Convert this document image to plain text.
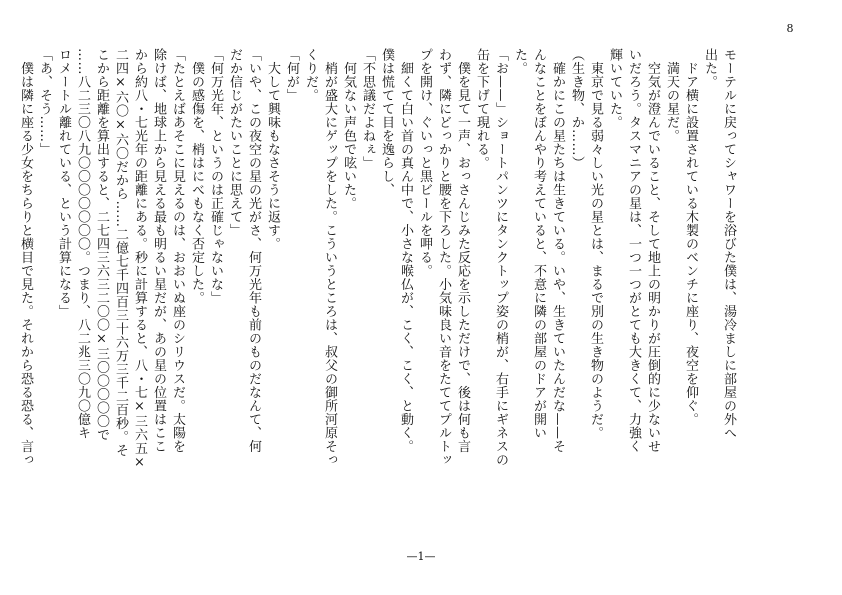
8
モーテルに戻ってシャワーを浴びた僕は、湯冷ましに部屋の外へ
出た。
　ドア横に設置されている木製のベンチに座り、夜空を仰ぐ。
　満天の星だ。
　空気が澄んでいること、そして地上の明かりが圧倒的に少ないせ
いだろう。タスマニアの星は、一つ一つがとても大きくて、力強く
輝いていた。
　東京で見る弱々しい光の星とは、まるで別の生き物のようだ。
（生き物、か……）
　確かにこの星たちは生きている。いや、生きていたんだな——そ
んなことをぼんやり考えていると、不意に隣の部屋のドアが開い
た。
「お——」ショートパンツにタンクトップ姿の梢が、右手にギネスの
缶を下げて現れる。
　僕を見て一声、おっさんじみた反応を示しただけで、後は何も言
わず、隣にどっかりと腰を下ろした。小気味良い音をたててプルトッ
プを開け、ぐいっと黒ビールを呷る。
　細くて白い首の真ん中で、小さな喉仏が、こく、こく、と動く。
僕は慌てて目を逸らし、
「不思議だよねぇ」
　何気ない声色で呟いた。
　梢が盛大にゲップをした。こういうところは、叔父の御所河原そっ
くりだ。
「何が」
　大して興味もなさそうに返す。
「いや、この夜空の星の光がさ、何万光年も前のものだなんて、何
だか信じがたいことに思えて」
「何万光年、というのは正確じゃないな」
　僕の感傷を、梢はにべもなく否定した。
「たとえばあそこに見えるのは、おおいぬ座のシリウスだ。太陽を
除けば、地球上から見える最も明るい星だが、あの星の位置はここ
から約八・七光年の距離にある。秒に計算すると、八・七×三六五×
二四×六〇×六〇だから……二億七千四百三十六万三千二百秒。そ
こから距離を算出すると、二七四三六三二〇〇×三〇〇〇〇〇で
……八二三〇八九〇〇〇〇〇〇〇。つまり、八二兆三〇九〇億キ
ロメートル離れている、という計算になる」
「あ、そう……」
　僕は隣に座る少女をちらりと横目で見た。それから恐る恐る、言っ
—1—
